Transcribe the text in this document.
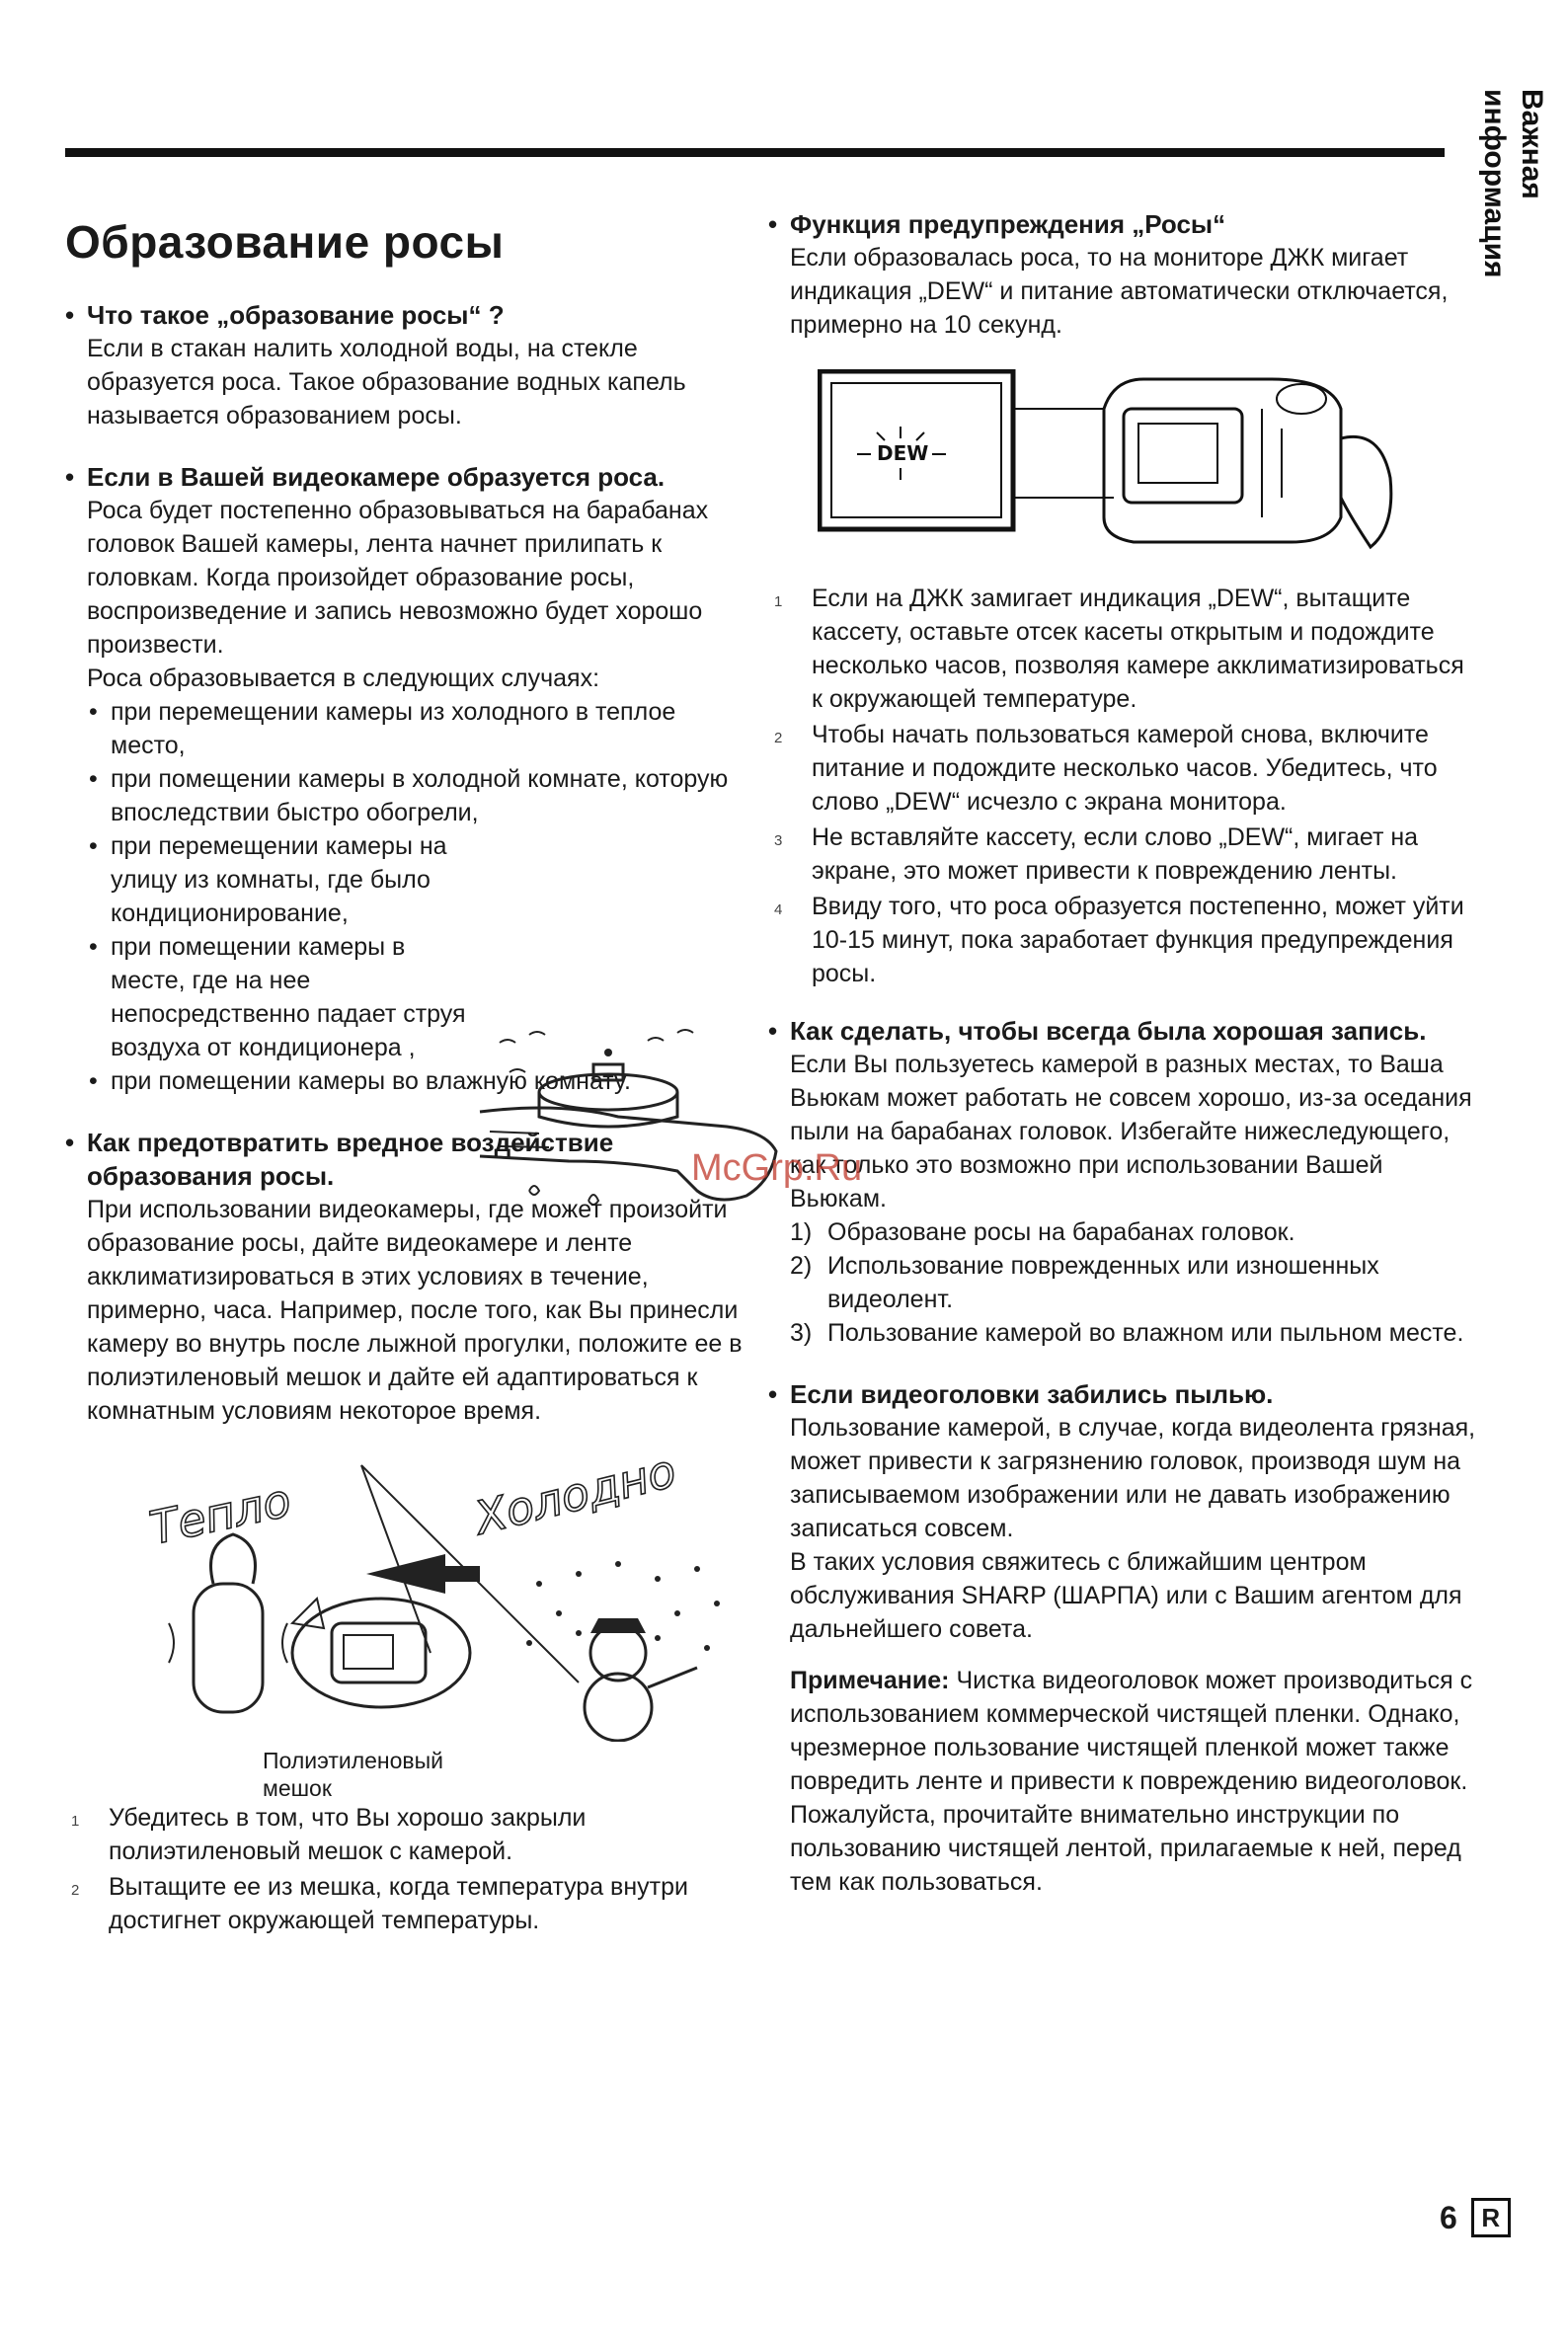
Важная информация
Образование росы
• Что такое „образование росы“ ?
Если в стакан налить холодной воды, на стекле образуется роса. Такое образование водных капель называется образованием росы.
• Если в Вашей видеокамере образуется роса.
Роса будет постепенно образовываться на барабанах головок Вашей камеры, лента начнет прилипать к головкам. Когда произойдет образование росы, воспроизведение и запись невозможно будет хорошо произвести.
Роса образовывается в следующих случаях:
• при перемещении камеры из холодного в теплое место,
• при помещении камеры в холодной комнате, которую впоследствии быстро обогрели,
• при перемещении камеры на улицу из комнаты, где было кондиционирование,
• при помещении камеры в месте, где на нее непосредственно падает струя воздуха от кондиционера ,
• при помещении камеры во влажную комнату.
• Как предотвратить вредное воздействие образования росы.
При использовании видеокамеры, где может произойти образование росы, дайте видеокамере и ленте акклиматизироваться в этих условиях в течение, примерно, часа. Например, после того, как Вы принесли камеру во внутрь после лыжной прогулки, положите ее в полиэтиленовый мешок и дайте ей адаптироваться к комнатным условиям некоторое время.
Тепло	Холодно
Полиэтиленовый мешок
1 Убедитесь в том, что Вы хорошо закрыли полиэтиленовый мешок с камерой.
2 Вытащите ее из мешка, когда температура внутри достигнет окружающей температуры.
• Функция предупреждения „Росы“
Если образовалась роса, то на мониторе ДЖК мигает индикация „DEW“ и питание автоматически отключается, примерно на 10 секунд.
DEW
1 Если на ДЖК замигает индикация „DEW“, вытащите кассету, оставьте отсек касеты открытым и подождите несколько часов, позволяя камере акклиматизироваться к окружающей температуре.
2 Чтобы начать пользоваться камерой снова, включите питание и подождите несколько часов. Убедитесь, что слово „DEW“ исчезло с экрана монитора.
3 Не вставляйте кассету, если слово „DEW“, мигает на экране, это может привести к повреждению ленты.
4 Ввиду того, что роса образуется постепенно, может уйти 10-15 минут, пока заработает функция предупреждения росы.
• Как сделать, чтобы всегда была хорошая запись.
Если Вы пользуетесь камерой в разных местах, то Ваша Вьюкам может работать не совсем хорошо, из-за оседания пыли на барабанах головок. Избегайте нижеследующего, как только это возможно при использовании Вашей Вьюкам.
1) Образоване росы на барабанах головок.
2) Использование поврежденных или изношенных видеолент.
3) Пользование камерой во влажном или пыльном месте.
• Если видеоголовки забились пылью.
Пользование камерой, в случае, когда видеолента грязная, может привести к загрязнению головок, производя шум на записываемом изображении или не давать изображению записаться совсем.
В таких условия свяжитесь с ближайшим центром обслуживания SHARP (ШАРПА) или с Вашим агентом для дальнейшего совета.
Примечание: Чистка видеоголовок может производиться с использованием коммерческой чистящей пленки. Однако, чрезмерное пользование чистящей пленкой может также повредить ленте и привести к повреждению видеоголовок. Пожалуйста, прочитайте внимательно инструкции по пользованию чистящей лентой, прилагаемые к ней, перед тем как пользоваться.
McGrp.Ru
6 R
